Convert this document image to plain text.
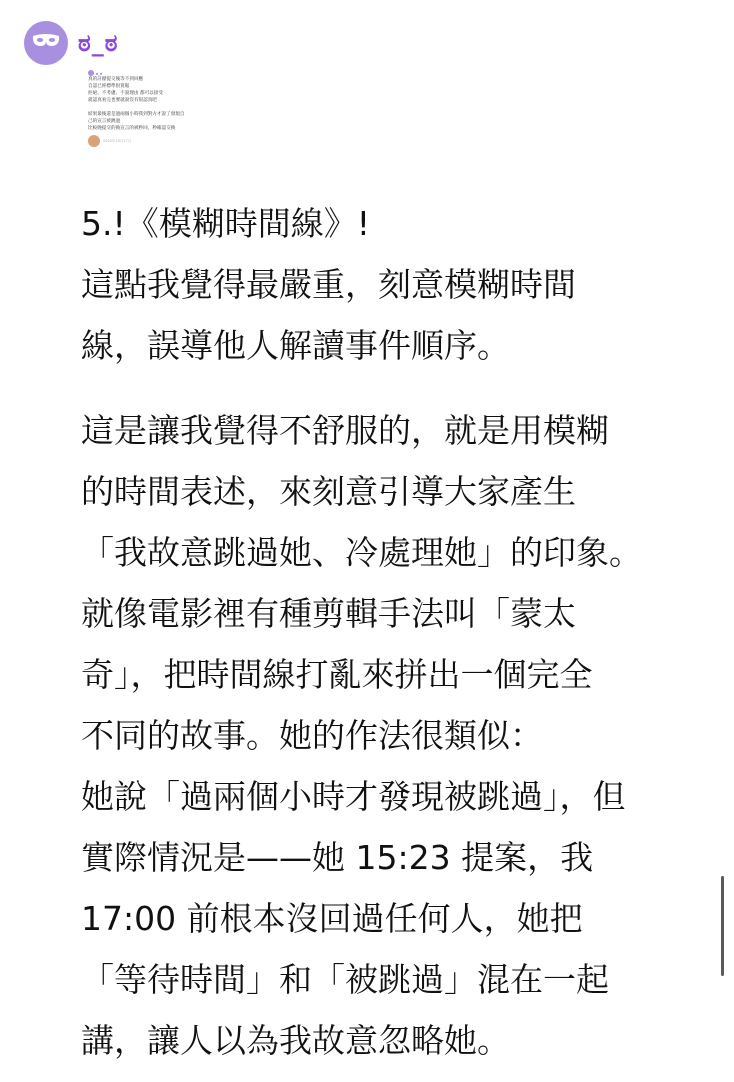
ಠ_ಠ
ಠ_ಠ
真的討厭提交後等不到回應
自認已經標準很寬鬆
拒絕、不考慮、不說理由 都可以接受
就認真看完也要就說沒有很認真吧
結果最後還是過兩個小時我到對方才說了發現自
己的宣言被跳過
比較晚提交的換宣言的被秒回，秒確認交換
2025年10月17日
5.!《模糊時間線》!
這點我覺得最嚴重，刻意模糊時間
線，誤導他人解讀事件順序。
這是讓我覺得不舒服的，就是用模糊
的時間表述，來刻意引導大家產生
「我故意跳過她、冷處理她」的印象。
就像電影裡有種剪輯手法叫「蒙太
奇」，把時間線打亂來拼出一個完全
不同的故事。她的作法很類似：
她說「過兩個小時才發現被跳過」，但
實際情況是——她 15:23 提案，我
17:00 前根本沒回過任何人，她把
「等待時間」和「被跳過」混在一起
講，讓人以為我故意忽略她。
